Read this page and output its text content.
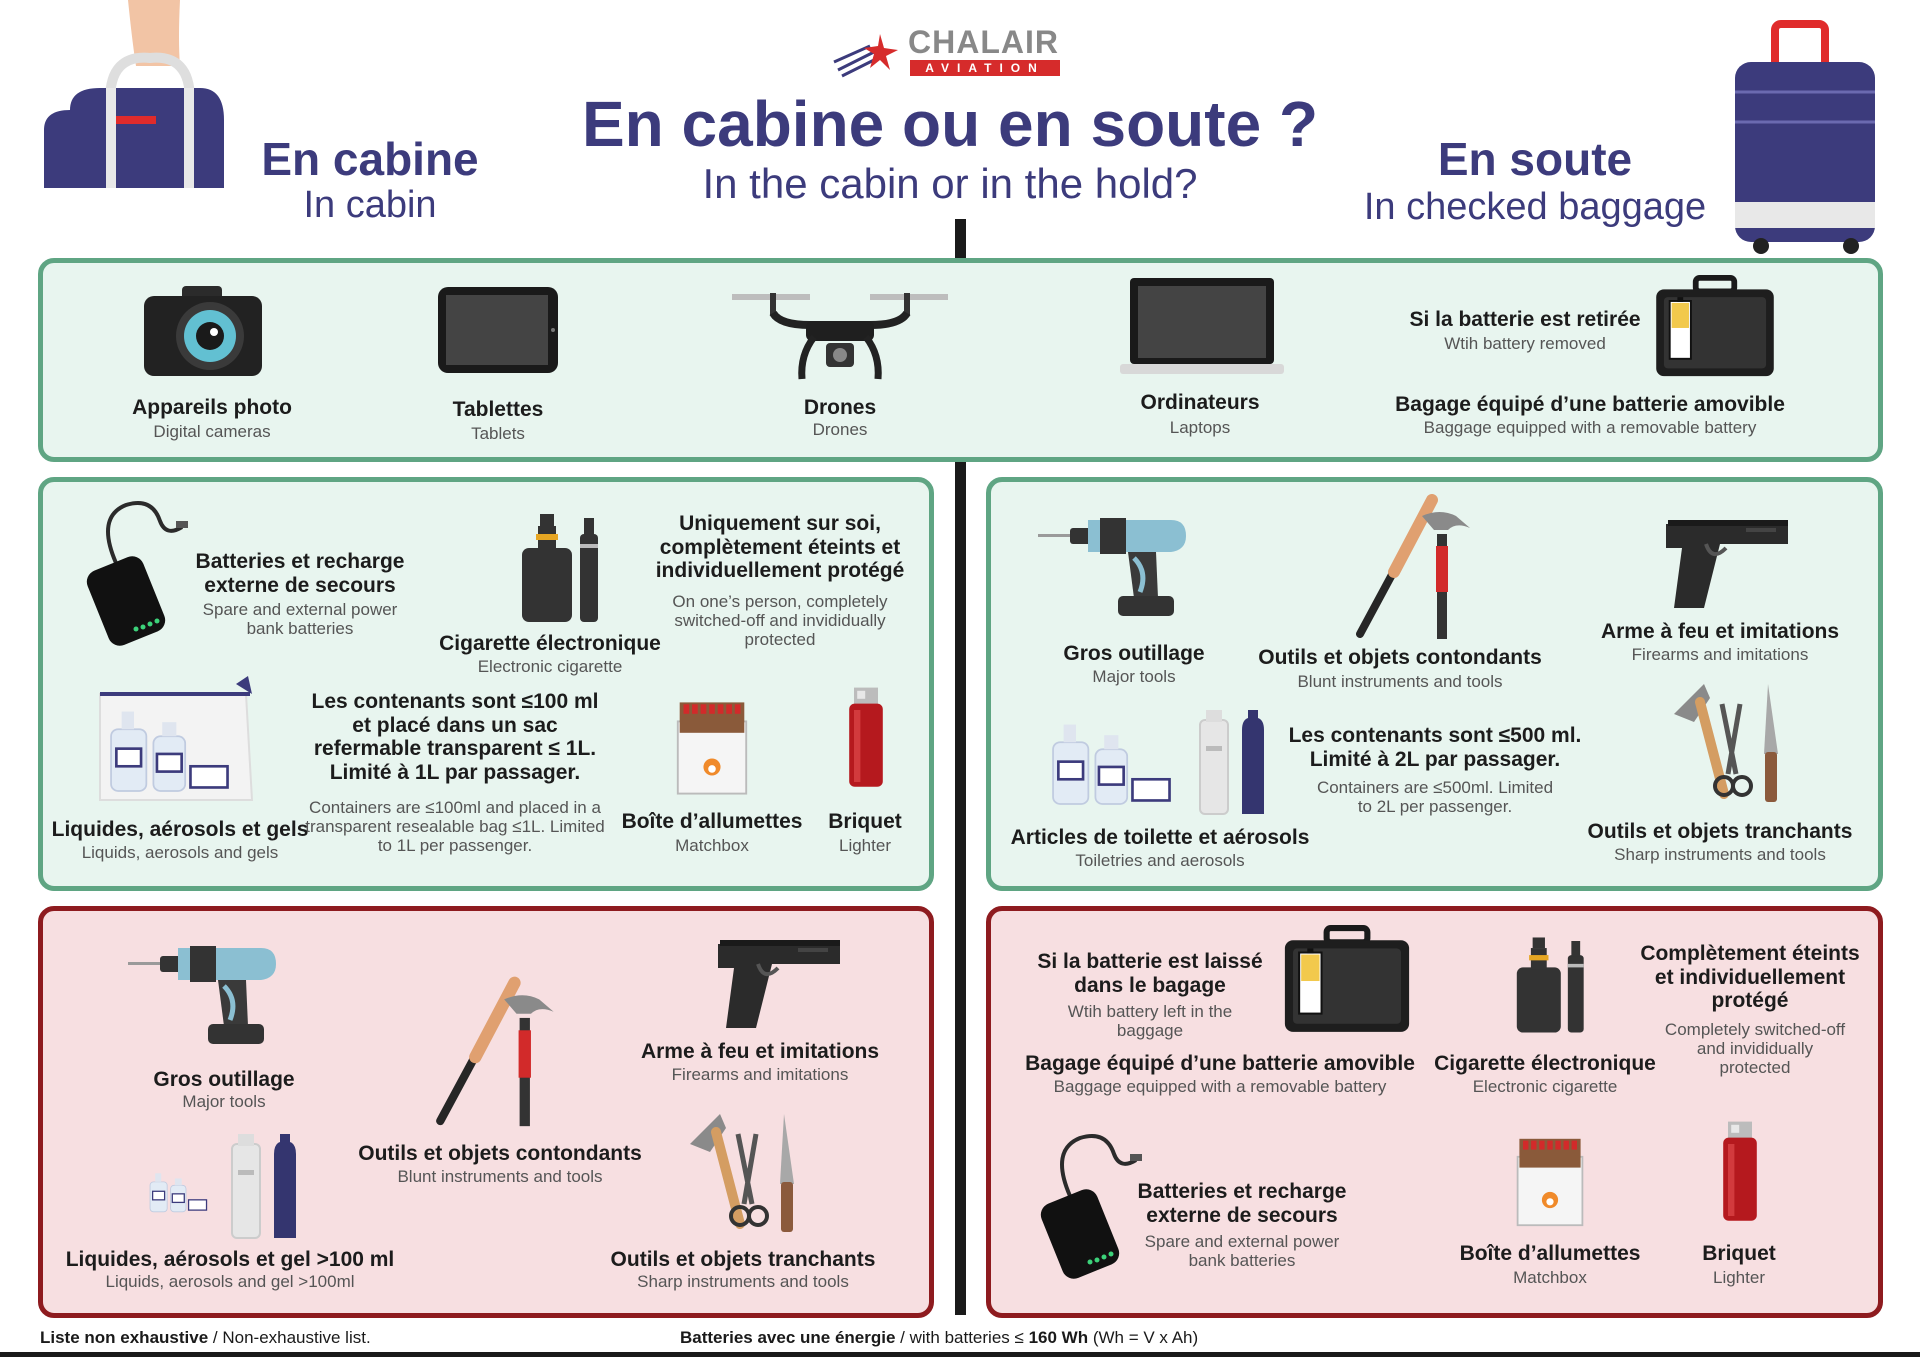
CHALAIR
AVIATION
En cabine ou en soute ?
In the cabin or in the hold?
En cabine
In cabin
En soute
In checked baggage
Appareils photo
Digital cameras
Tablettes
Tablets
Drones
Drones
Ordinateurs
Laptops
Si la batterie est retirée
Wtih battery removed
Bagage équipé d’une batterie amovible
Baggage equipped with a removable battery
Batteries et recharge externe de secours
Spare and external power bank batteries
Cigarette électronique
Electronic cigarette
Uniquement sur soi, complètement éteints et individuellement protégé
On one’s person, completely switched-off and invididually protected
Liquides, aérosols et gels
Liquids, aerosols and gels
Les contenants sont ≤100 ml et placé dans un sac refermable transparent ≤ 1L. Limité à 1L par passager.
Containers are ≤100ml and placed in a transparent resealable bag ≤1L. Limited to 1L per passenger.
Boîte d’allumettes
Matchbox
Briquet
Lighter
Gros outillage
Major tools
Outils et objets contondants
Blunt instruments and tools
Arme à feu et imitations
Firearms and imitations
Articles de toilette et aérosols
Toiletries and aerosols
Les contenants sont ≤500 ml. Limité à 2L par passager.
Containers are ≤500ml. Limited to 2L per passenger.
Outils et objets tranchants
Sharp instruments and tools
Gros outillage
Major tools
Outils et objets contondants
Blunt instruments and tools
Arme à feu et imitations
Firearms and imitations
Liquides, aérosols et gel >100 ml
Liquids, aerosols and gel >100ml
Outils et objets tranchants
Sharp instruments and tools
Si la batterie est laissé dans le bagage
Wtih battery left in the baggage
Bagage équipé d’une batterie amovible
Baggage equipped with a removable battery
Cigarette électronique
Electronic cigarette
Complètement éteints et individuellement protégé
Completely switched-off and invididually protected
Batteries et recharge externe de secours
Spare and external power bank batteries	Boîte d’allumettes
Matchbox
Briquet
Lighter
Liste non exhaustive / Non-exhaustive list.	Batteries avec une énergie / with batteries ≤ 160 Wh (Wh = V x Ah)
